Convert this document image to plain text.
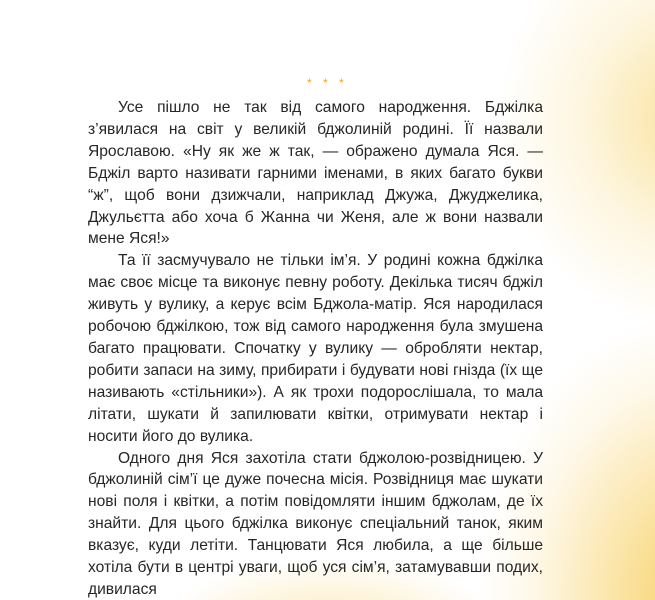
* * *

Усе пішло не так від самого народження. Бджілка з’явилася на світ у великій бджолиній родині. Її назвали Ярославою. «Ну як же ж так, — ображено думала Яся. — Бджіл варто називати гарними іменами, в яких багато букви “ж”, щоб вони дзижчали, наприклад Джужа, Джуджелика, Джульєтта або хоча б Жанна чи Женя, але ж вони назвали мене Яся!»

Та її засмучувало не тільки ім’я. У родині кожна бджілка має своє місце та виконує певну роботу. Декілька тисяч бджіл живуть у вулику, а керує всім Бджола-матір. Яся народилася робочою бджілкою, тож від самого народження була змушена багато працювати. Спочатку у вулику — обробляти нектар, робити запаси на зиму, прибирати і будувати нові гнізда (їх ще називають «стільники»). А як трохи подорослішала, то мала літати, шукати й запилювати квітки, отримувати нектар і носити його до вулика.

Одного дня Яся захотіла стати бджолою-розвідницею. У бджолиній сім’ї це дуже почесна місія. Розвідниця має шукати нові поля і квітки, а потім повідомляти іншим бджолам, де їх знайти. Для цього бджілка виконує спеціальний танок, яким вказує, куди летіти. Танцювати Яся любила, а ще більше хотіла бути в центрі уваги, щоб уся сім’я, затамувавши подих, дивилася
